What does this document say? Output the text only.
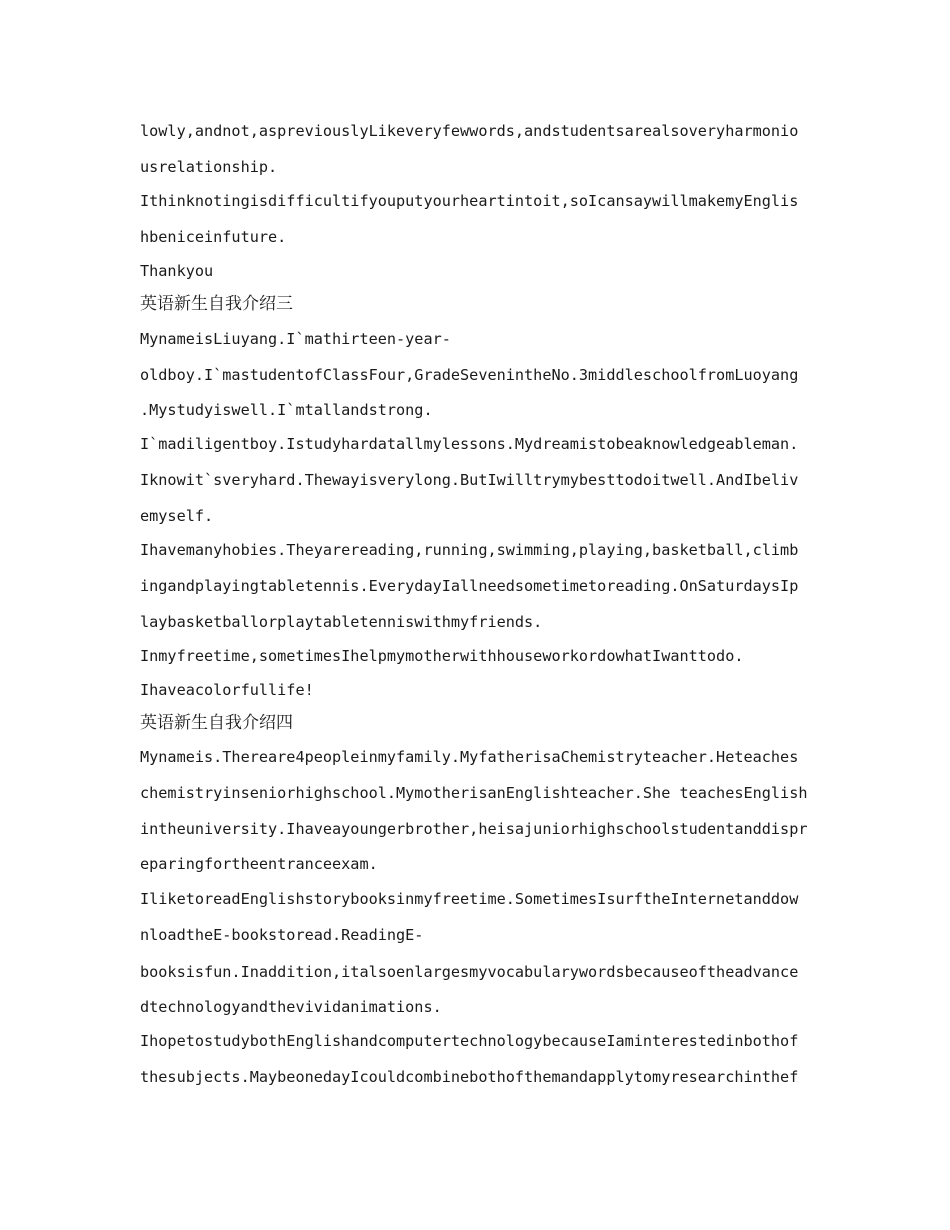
lowly,andnot,aspreviouslyLikeveryfewwords,andstudentsarealsoveryharmonio
usrelationship.
Ithinknotingisdifficultifyouputyourheartintoit,soIcansaywillmakemyEnglis
hbeniceinfuture.
Thankyou
英语新生自我介绍三
MynameisLiuyang.I`mathirteen-year-
oldboy.I`mastudentofClassFour,GradeSevenintheNo.3middleschoolfromLuoyang
.Mystudyiswell.I`mtallandstrong.
I`madiligentboy.Istudyhardatallmylessons.Mydreamistobeaknowledgeableman.
Iknowit`sveryhard.Thewayisverylong.ButIwilltrymybesttodoitwell.AndIbeliv
emyself.
Ihavemanyhobies.Theyarereading,running,swimming,playing,basketball,climb
ingandplayingtabletennis.EverydayIallneedsometimetoreading.OnSaturdaysIp
laybasketballorplaytabletenniswithmyfriends.
Inmyfreetime,sometimesIhelpmymotherwithhouseworkordowhatIwanttodo.
Ihaveacolorfullife!
英语新生自我介绍四
Mynameis.Thereare4peopleinmyfamily.MyfatherisaChemistryteacher.Heteaches
chemistryinseniorhighschool.MymotherisanEnglishteacher.She teachesEnglish
intheuniversity.Ihaveayoungerbrother,heisajuniorhighschoolstudentanddispr
eparingfortheentranceexam.
IliketoreadEnglishstorybooksinmyfreetime.SometimesIsurftheInternetanddow
nloadtheE-bookstoread.ReadingE-
booksisfun.Inaddition,italsoenlargesmyvocabularywordsbecauseoftheadvance
dtechnologyandthevividanimations.
IhopetostudybothEnglishandcomputertechnologybecauseIaminterestedinbothof
thesubjects.MaybeonedayIcouldcombinebothofthemandapplytomyresearchinthef
